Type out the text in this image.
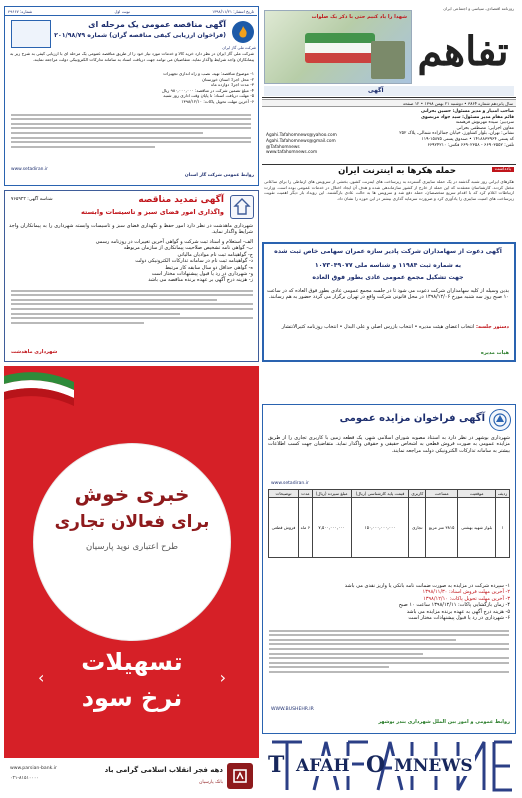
روزنامه اقتصادی، سیاسی و اجتماعی ایران
تفاهم
شهدا را یاد کنیم حتی با ذکر یک صلوات
آگهی
سال پانزدهم شماره ۳۸۶۴ • دوشنبه ۲۱ بهمن ۱۳۹۸ • ۱۲ صفحه
صاحب امتیاز و مدیر مسئول: حسین بحرانی
قائم مقام مدیر مسئول: سید جواد مرتضوی
سردبیر: سیده مهرنوش فرهنمند
معاون اجرایی: مصطفی بحرانی
نشانی: تهران، بلوار کشاورز، خیابان جمالزاده شمالی، پلاک ۲۵۲
کد پستی ۱۴۱۸۸۳۳۹۶۴ • صندوق پستی ۱۵۸۷۵-۱۱۹
تلفن: ۶۶۹۰۳۵۵۲ - ۶۶۹۰۲۳۵۸ فکس: ۶۶۹۲۴۲۱۰
Agahi.Tafahomnews@yahoo.com
Agahi.Tafahomnews@gmail.com
@Tafahomnews
www.tafahomnews.com
یادداشت
حمله هکرها به اینترنت ایران
هکرهای ایرانی روز شنبه گذشته در یک حمله سایبری گسترده به زیرساخت های اینترنت کشور، بخشی از سرویس های ارتباطی را برای ساعاتی مختل کردند. کارشناسان معتقدند که این حمله از خارج از کشور سازماندهی شده و هدف آن ایجاد اختلال در خدمات عمومی بوده است. وزارت ارتباطات اعلام کرد که با اقدام سریع متخصصان، حمله دفع شد و سرویس ها به حالت عادی بازگشتند. این رویداد بار دیگر اهمیت تقویت زیرساخت های امنیت سایبری را یادآوری کرد و ضرورت سرمایه گذاری بیشتر در این حوزه را نشان داد.
تاریخ انتشار: ۱۳۹۸/۱۱/۲۱
نوبت اول
شماره: ۴۹۶۶۷
شرکت ملی گاز ایران
آگهی مناقصه عمومی یک مرحله ای
(فراخوان ارزیابی کیفی مناقصه گران) شماره ۲۰۱/۹۸/۷۹
شرکت ملی گاز ایران در نظر دارد خرید کالا و خدمات مورد نیاز خود را از طریق مناقصه عمومی یک مرحله ای با ارزیابی کیفی به شرح زیر به پیمانکاران واجد شرایط واگذار نماید. متقاضیان می توانند جهت دریافت اسناد به سامانه تدارکات الکترونیکی دولت مراجعه نمایند.
۱- موضوع مناقصه: تهیه، نصب و راه اندازی تجهیزات
۲- محل اجرا: استان خوزستان
۳- مدت اجرا: دوازده ماه
۴- مبلغ تضمین شرکت در مناقصه: ۹۸۰,۰۰۰,۰۰۰ ریال
۵- مهلت دریافت اسناد: تا پایان وقت اداری روز شنبه
۶- آخرین مهلت تحویل پاکات: ۱۳۹۸/۱۲/۱۰
www.setadiran.ir
روابط عمومی شرکت گاز استان
آگهی تمدید مناقصه
واگذاری امور فضای سبز و تاسیسات وابسته
شناسه آگهی: ۷۶۵۹۲۲
شهرداری ماهدشت در نظر دارد امور حفظ و نگهداری فضای سبز و تاسیسات وابسته شهرداری را به پیمانکاران واجد شرایط واگذار نماید.
الف- استعلام و اسناد ثبت شرکت و گواهی آخرین تغییرات در روزنامه رسمی
ب- گواهی نامه تشخیص صلاحیت پیمانکاری از سازمان مربوطه
ج- گواهینامه ثبت نام موادیان مالیاتی
د- گواهینامه ثبت نام در سامانه تدارکات الکترونیکی دولت
ه- گواهی حداقل دو سال سابقه کار مرتبط
و- شهرداری در رد یا قبول پیشنهادات مختار است
ز- هزینه درج آگهی بر عهده برنده مناقصه می باشد
شهرداری ماهدشت
آگهی دعوت از سهامداران شرکت پادیر سازه عمران سهامی خاص ثبت شده
به شماره ثبت ۱۱۹۸۴ و شناسه ملی ۱۰۷۳۰۴۹۰۷۷
جهت تشکیل مجمع عمومی عادی بطور فوق العاده
بدین وسیله از کلیه سهامداران شرکت دعوت می شود تا در جلسه مجمع عمومی عادی بطور فوق العاده که در ساعت ۱۰ صبح روز سه شنبه مورخ ۱۳۹۸/۱۲/۰۶ در محل قانونی شرکت واقع در تهران برگزار می گردد حضور به هم رسانند.
دستور جلسه: انتخاب اعضای هیئت مدیره • انتخاب بازرس اصلی و علی البدل • انتخاب روزنامه کثیرالانتشار
هیات مدیره
خبری خوش
برای فعالان تجاری
طرح اعتباری نوید پارسیان
تسهیلات
نرخ سود
‹	›
بانک پارسیان
دهه فجر انقلاب اسلامی گرامی باد
www.parsian-bank.ir
۰۲۱-۸۱۵۱۰۰۰۰
آگهی فراخوان مزایده عمومی
شهرداری بوشهر در نظر دارد به استناد مصوبه شورای اسلامی شهر، یک قطعه زمین با کاربری تجاری را از طریق مزایده عمومی به صورت فروش قطعی به اشخاص حقیقی و حقوقی واگذار نماید. متقاضیان جهت کسب اطلاعات بیشتر به سامانه تدارکات الکترونیکی دولت مراجعه نمایند.
www.setadiran.ir
ردیف	موقعیت	مساحت	کاربری	قیمت پایه کارشناسی (ریال)	مبلغ سپرده (ریال)	مدت	توضیحات
۱	بلوار شهید بهشتی	۳۸۱۵ متر مربع	تجاری	۱۵۰,۰۰۰,۰۰۰,۰۰۰	۷,۵۰۰,۰۰۰,۰۰۰	۶ ماه	فروش قطعی
۱- سپرده شرکت در مزایده به صورت ضمانت نامه بانکی یا واریز نقدی می باشد
۲- آخرین مهلت فروش اسناد: ۱۳۹۸/۱۱/۳۰
۳- آخرین مهلت تحویل پاکات: ۱۳۹۸/۱۲/۱۰
۴- زمان بازگشایی پاکات: ۱۳۹۸/۱۲/۱۱ ساعت ۱۰ صبح
۵- هزینه درج آگهی به عهده برنده مزایده می باشد
۶- شهرداری در رد یا قبول پیشنهادات مختار است
WWW.BUSHEHR.IR
روابط عمومی و امور بین الملل شهرداری بندر بوشهر
T AFAH O MNEWS
